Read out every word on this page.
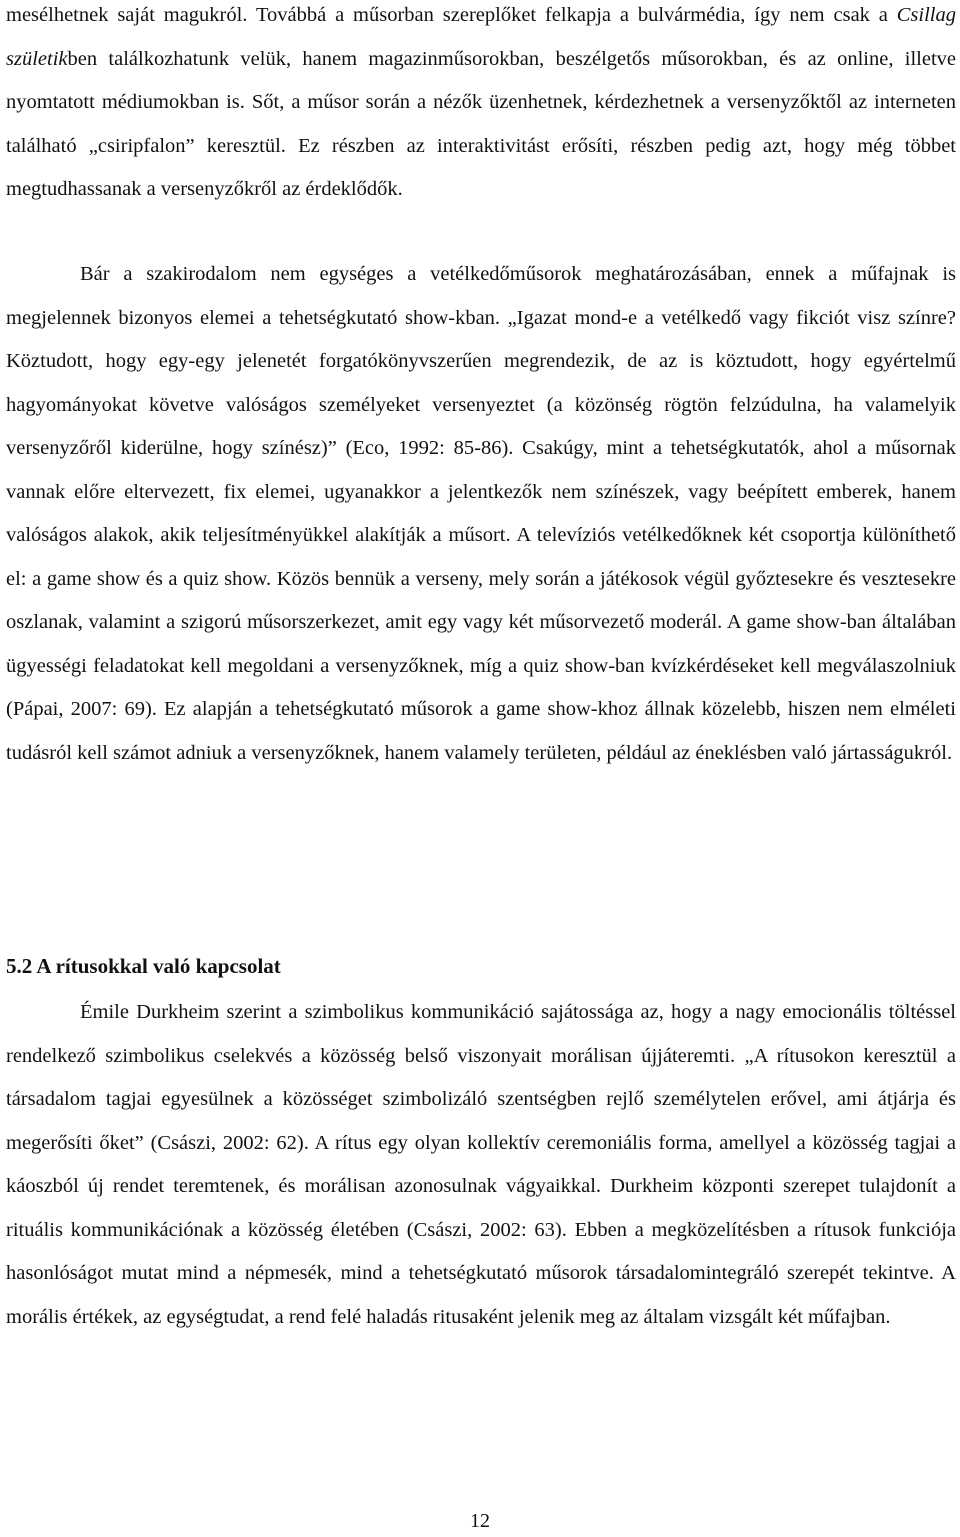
mesélhetnek saját magukról. Továbbá a műsorban szereplőket felkapja a bulvármédia, így nem csak a Csillag születikben találkozhatunk velük, hanem magazinműsorokban, beszélgetős műsorokban, és az online, illetve nyomtatott médiumokban is. Sőt, a műsor során a nézők üzenhetnek, kérdezhetnek a versenyzőktől az interneten található „csiripfalon” keresztül. Ez részben az interaktivitást erősíti, részben pedig azt, hogy még többet megtudhassanak a versenyzőkről az érdeklődők.

Bár a szakirodalom nem egységes a vetélkedőműsorok meghatározásában, ennek a műfajnak is megjelennek bizonyos elemei a tehetségkutató show-kban. „Igazat mond-e a vetélkedő vagy fikciót visz színre? Köztudott, hogy egy-egy jelenetét forgatókönyvszerűen megrendezik, de az is köztudott, hogy egyértelmű hagyományokat követve valóságos személyeket versenyeztet (a közönség rögtön felzúdulna, ha valamelyik versenyzőről kiderülne, hogy színész)” (Eco, 1992: 85-86). Csakúgy, mint a tehetségkutatók, ahol a műsornak vannak előre eltervezett, fix elemei, ugyanakkor a jelentkezők nem színészek, vagy beépített emberek, hanem valóságos alakok, akik teljesítményükkel alakítják a műsort. A televíziós vetélkedőknek két csoportja különíthető el: a game show és a quiz show. Közös bennük a verseny, mely során a játékosok végül győztesekre és vesztesekre oszlanak, valamint a szigorú műsorszerkezet, amit egy vagy két műsorvezető moderál. A game show-ban általában ügyességi feladatokat kell megoldani a versenyzőknek, míg a quiz show-ban kvízkérdéseket kell megválaszolniuk (Pápai, 2007: 69). Ez alapján a tehetségkutató műsorok a game show-khoz állnak közelebb, hiszen nem elméleti tudásról kell számot adniuk a versenyzőknek, hanem valamely területen, például az éneklésben való jártasságukról.

5.2 A rítusokkal való kapcsolat

Émile Durkheim szerint a szimbolikus kommunikáció sajátossága az, hogy a nagy emocionális töltéssel rendelkező szimbolikus cselekvés a közösség belső viszonyait morálisan újjáteremti. „A rítusokon keresztül a társadalom tagjai egyesülnek a közösséget szimbolizáló szentségben rejlő személytelen erővel, ami átjárja és megerősíti őket” (Császi, 2002: 62). A rítus egy olyan kollektív ceremoniális forma, amellyel a közösség tagjai a káoszból új rendet teremtenek, és morálisan azonosulnak vágyaikkal. Durkheim központi szerepet tulajdonít a rituális kommunikációnak a közösség életében (Császi, 2002: 63). Ebben a megközelítésben a rítusok funkciója hasonlóságot mutat mind a népmesék, mind a tehetségkutató műsorok társadalomintegráló szerepét tekintve. A morális értékek, az egységtudat, a rend felé haladás ritusaként jelenik meg az általam vizsgált két műfajban.

12
